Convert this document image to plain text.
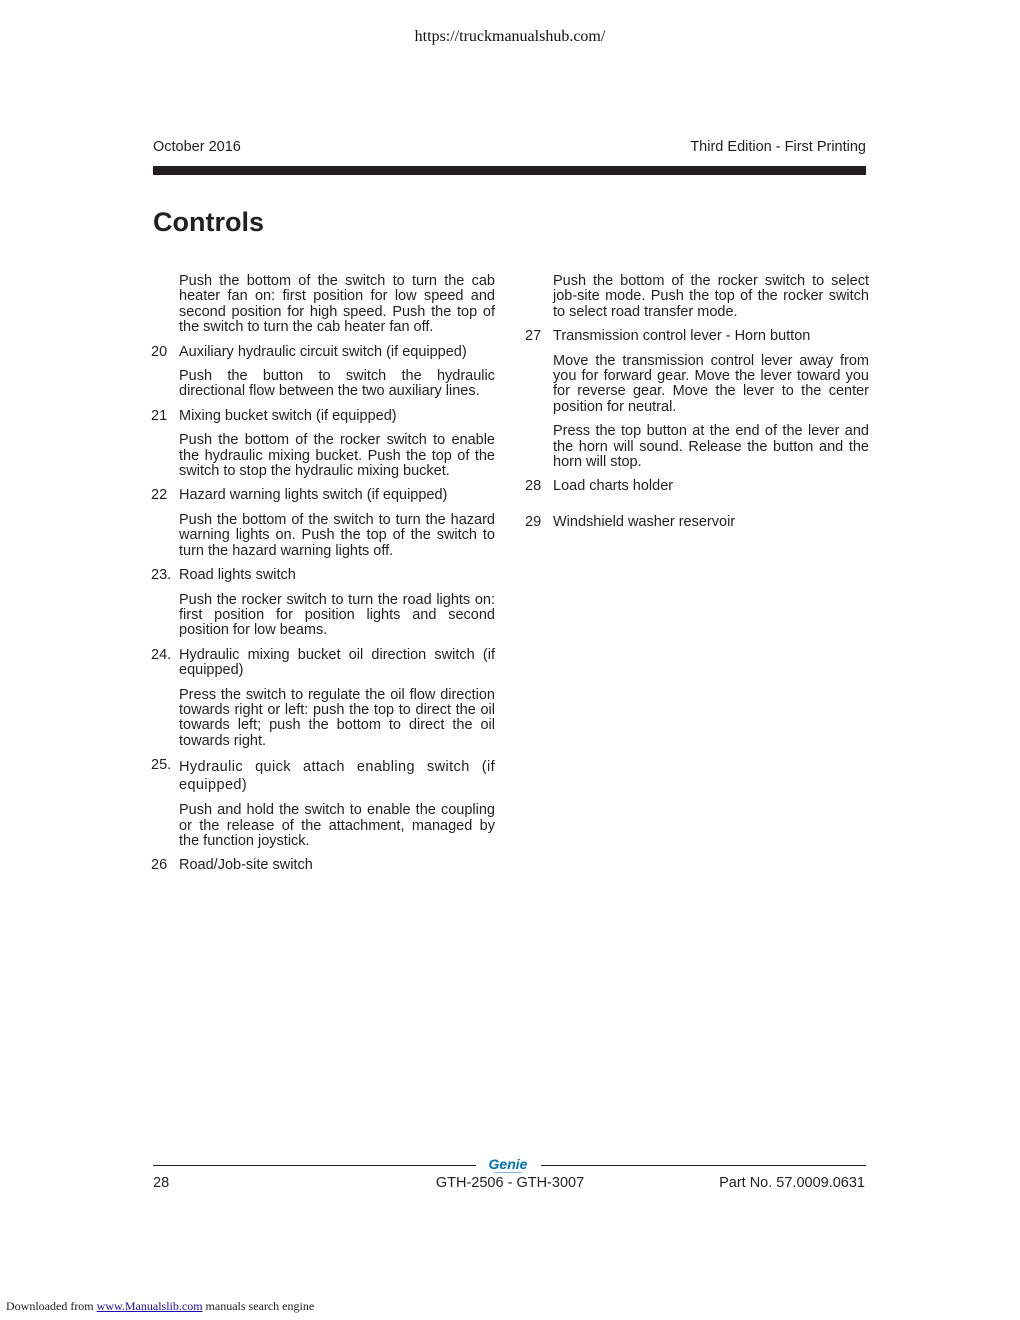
https://truckmanualshub.com/
October 2016	Third Edition - First Printing
Controls

Push the bottom of the switch to turn the cab heater fan on: first position for low speed and second position for high speed. Push the top of the switch to turn the cab heater fan off.

20 Auxiliary hydraulic circuit switch (if equipped)

Push the button to switch the hydraulic directional flow between the two auxiliary lines.

21 Mixing bucket switch (if equipped)

Push the bottom of the rocker switch to enable the hydraulic mixing bucket. Push the top of the switch to stop the hydraulic mixing bucket.

22 Hazard warning lights switch (if equipped)

Push the bottom of the switch to turn the hazard warning lights on. Push the top of the switch to turn the hazard warning lights off.

23. Road lights switch

Push the rocker switch to turn the road lights on: first position for position lights and second position for low beams.

24. Hydraulic mixing bucket oil direction switch (if equipped)

Press the switch to regulate the oil flow direction towards right or left: push the top to direct the oil towards left; push the bottom to direct the oil towards right.

25. Hydraulic quick attach enabling switch (if equipped)

Push and hold the switch to enable the coupling or the release of the attachment, managed by the function joystick.

26 Road/Job-site switch

Push the bottom of the rocker switch to select job-site mode. Push the top of the rocker switch to select road transfer mode.

27 Transmission control lever - Horn button

Move the transmission control lever away from you for forward gear. Move the lever toward you for reverse gear. Move the lever to the center position for neutral.

Press the top button at the end of the lever and the horn will sound. Release the button and the horn will stop.

28 Load charts holder
29 Windshield washer reservoir
Genie
28	GTH-2506 - GTH-3007	Part No. 57.0009.0631
Downloaded from www.Manualslib.com manuals search engine
